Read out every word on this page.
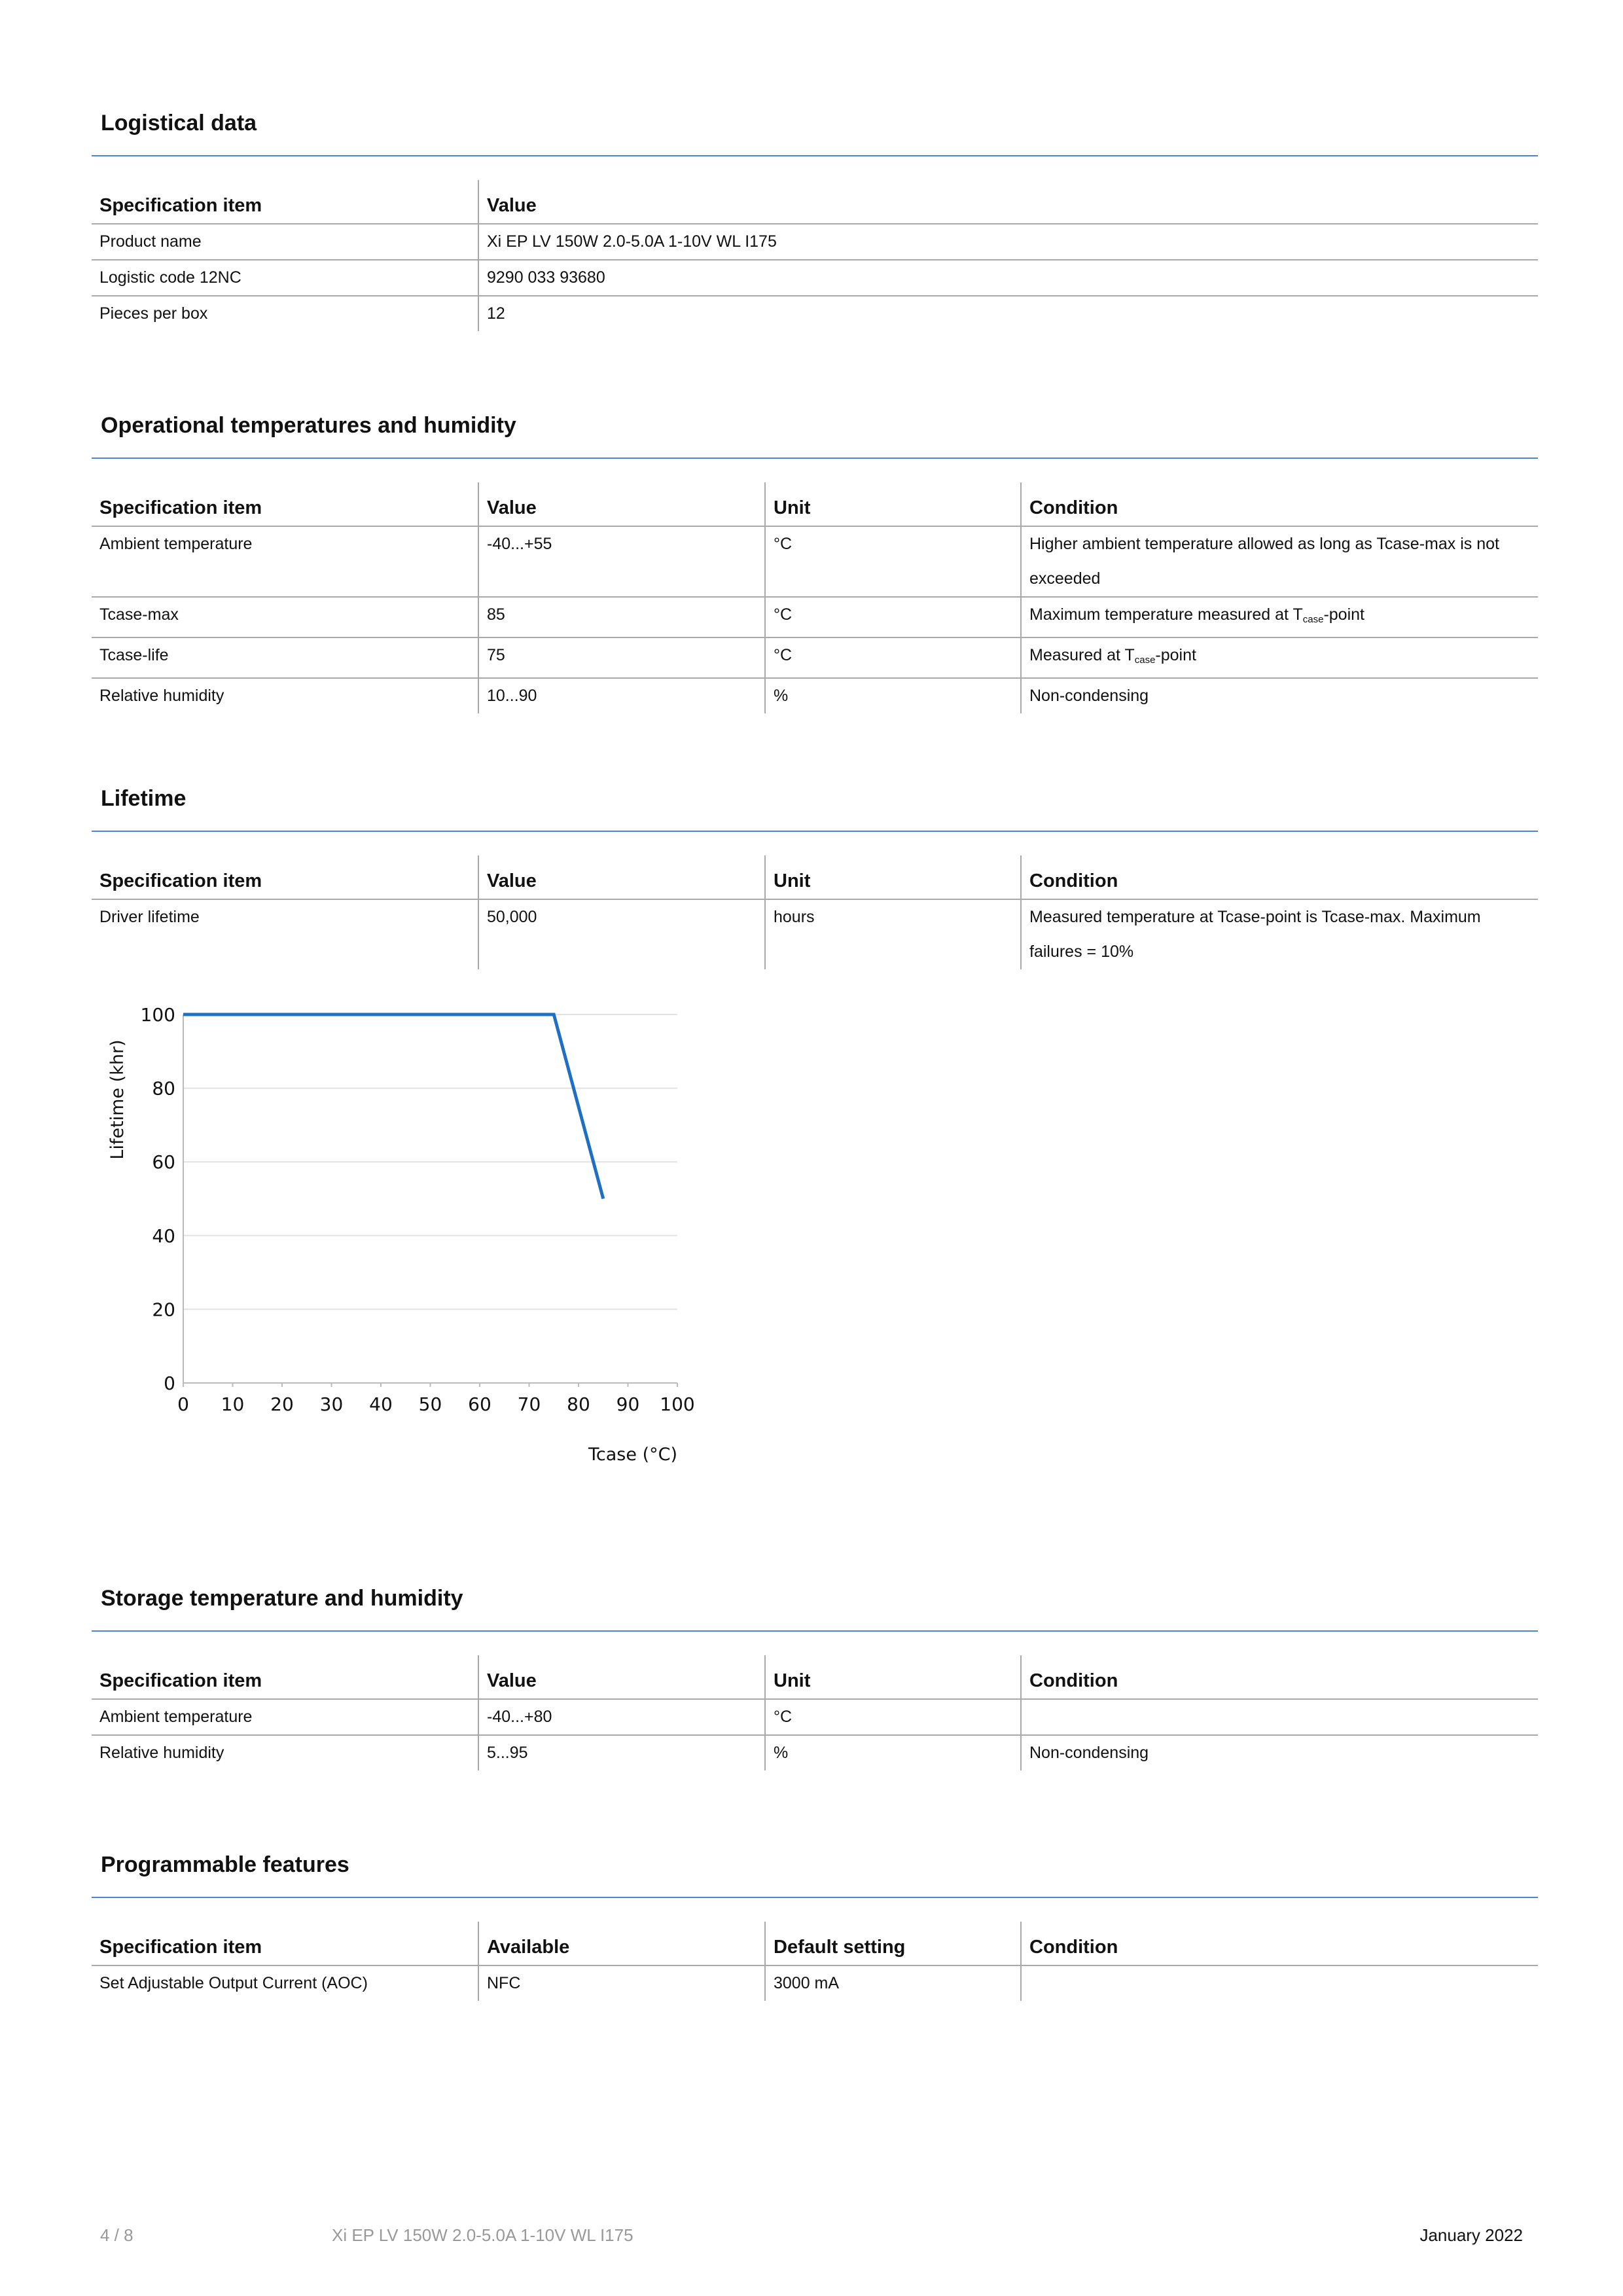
Logistical data
Specification item	Value
Product name	Xi EP LV 150W 2.0-5.0A 1-10V WL I175
Logistic code 12NC	9290 033 93680
Pieces per box	12
Operational temperatures and humidity
Specification item	Value	Unit	Condition
Ambient temperature	-40...+55	°C	Higher ambient temperature allowed as long as Tcase-max is not exceeded
Tcase-max	85	°C	Maximum temperature measured at $T_{case}$-point
Tcase-life	75	°C	Measured at $T_{case}$-point
Relative humidity	10...90	%	Non-condensing
Lifetime
Specification item	Value	Unit	Condition
Driver lifetime	50,000	hours	Measured temperature at Tcase-point is Tcase-max. Maximum failures = 10%
0
20
40
60
80
100
0 10 20 30 40 50 60 70 80 90 100
Lifetime (khr)
Tcase (°C)
Storage temperature and humidity
Specification item	Value	Unit	Condition
Ambient temperature	-40...+80	°C	
Relative humidity	5...95	%	Non-condensing
Programmable features
Specification item	Available	Default setting	Condition
Set Adjustable Output Current (AOC)	NFC	3000 mA	
4 / 8	Xi EP LV 150W 2.0-5.0A 1-10V WL I175	January 2022
